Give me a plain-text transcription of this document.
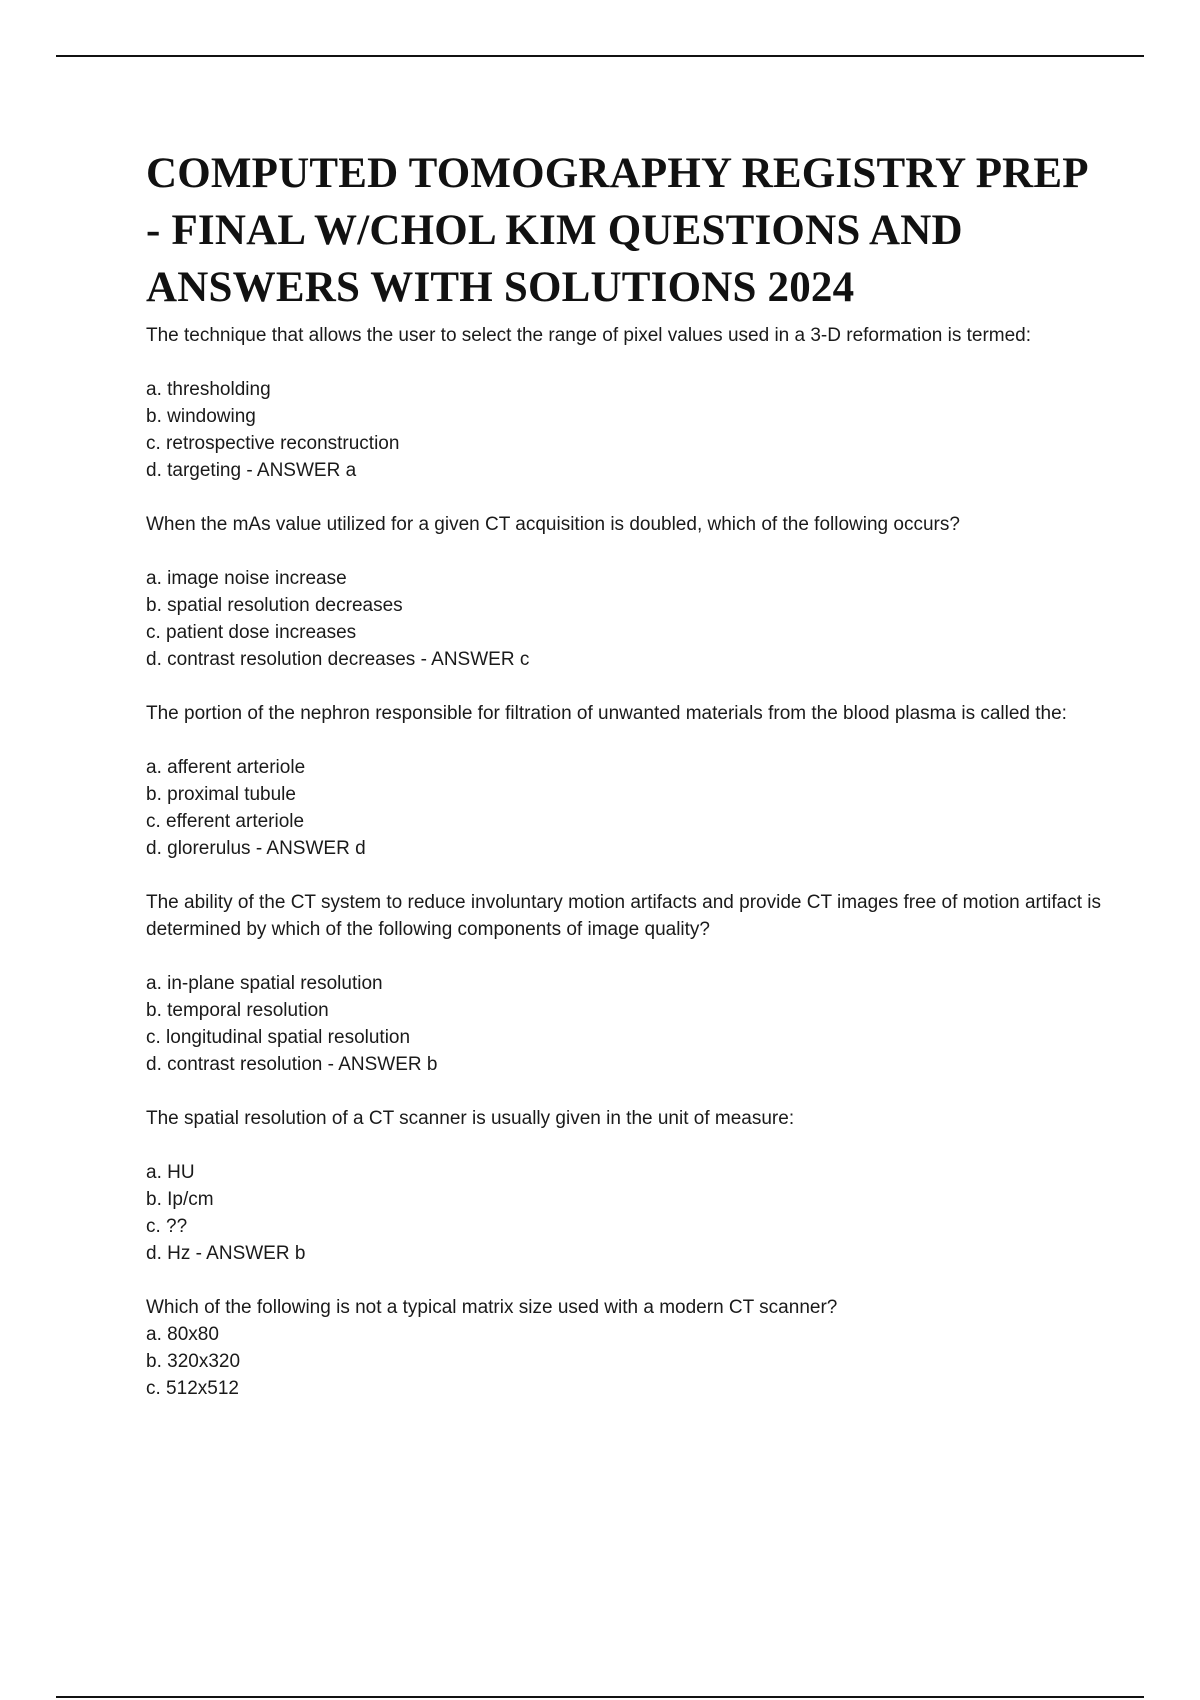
COMPUTED TOMOGRAPHY REGISTRY PREP - FINAL W/CHOL KIM QUESTIONS AND ANSWERS WITH SOLUTIONS 2024

The technique that allows the user to select the range of pixel values used in a 3-D reformation is termed:

a. thresholding
b. windowing
c. retrospective reconstruction
d. targeting - ANSWER a

When the mAs value utilized for a given CT acquisition is doubled, which of the following occurs?

a. image noise increase
b. spatial resolution decreases
c. patient dose increases
d. contrast resolution decreases - ANSWER c

The portion of the nephron responsible for filtration of unwanted materials from the blood plasma is called the:

a. afferent arteriole
b. proximal tubule
c. efferent arteriole
d. glorerulus - ANSWER d

The ability of the CT system to reduce involuntary motion artifacts and provide CT images free of motion artifact is determined by which of the following components of image quality?

a. in-plane spatial resolution
b. temporal resolution
c. longitudinal spatial resolution
d. contrast resolution - ANSWER b

The spatial resolution of a CT scanner is usually given in the unit of measure:

a. HU
b. Ip/cm
c. ??
d. Hz - ANSWER b

Which of the following is not a typical matrix size used with a modern CT scanner?

a. 80x80
b. 320x320
c. 512x512
